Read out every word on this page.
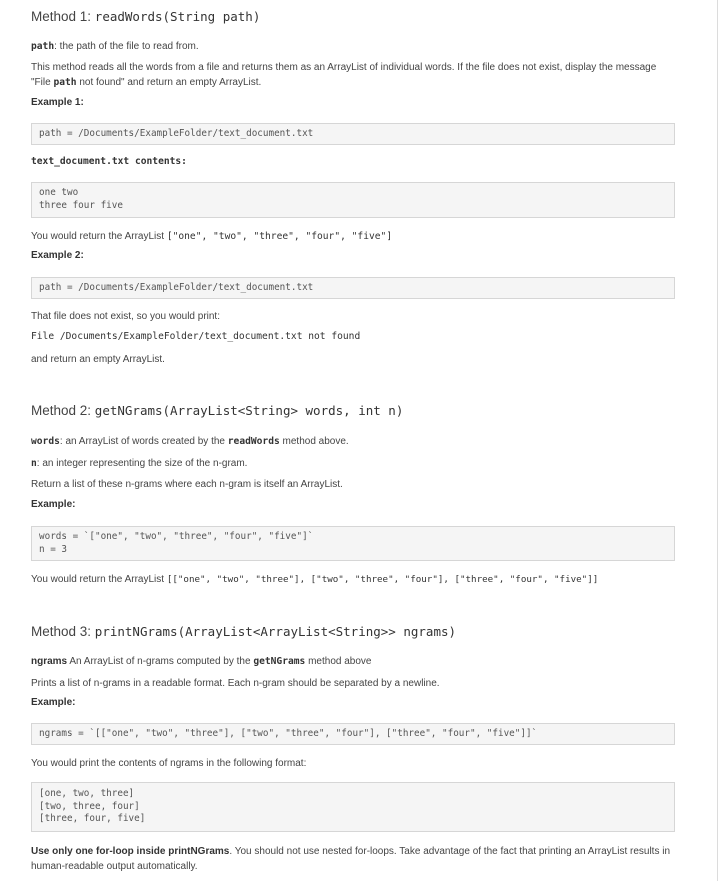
Method 1: readWords(String path)
path: the path of the file to read from.
This method reads all the words from a file and returns them as an ArrayList of individual words. If the file does not exist, display the message "File path not found" and return an empty ArrayList.
Example 1:
path = /Documents/ExampleFolder/text_document.txt
text_document.txt contents:
one two
three four five
You would return the ArrayList ["one", "two", "three", "four", "five"]
Example 2:
path = /Documents/ExampleFolder/text_document.txt
That file does not exist, so you would print:
File /Documents/ExampleFolder/text_document.txt not found
and return an empty ArrayList.
Method 2: getNGrams(ArrayList<String> words, int n)
words: an ArrayList of words created by the readWords method above.
n: an integer representing the size of the n-gram.
Return a list of these n-grams where each n-gram is itself an ArrayList.
Example:
words = `["one", "two", "three", "four", "five"]`
n = 3
You would return the ArrayList [["one", "two", "three"], ["two", "three", "four"], ["three", "four", "five"]]
Method 3: printNGrams(ArrayList<ArrayList<String>> ngrams)
ngrams An ArrayList of n-grams computed by the getNGrams method above
Prints a list of n-grams in a readable format. Each n-gram should be separated by a newline.
Example:
ngrams = `[["one", "two", "three"], ["two", "three", "four"], ["three", "four", "five"]]`
You would print the contents of ngrams in the following format:
[one, two, three]
[two, three, four]
[three, four, five]
Use only one for-loop inside printNGrams. You should not use nested for-loops. Take advantage of the fact that printing an ArrayList results in human-readable output automatically.
